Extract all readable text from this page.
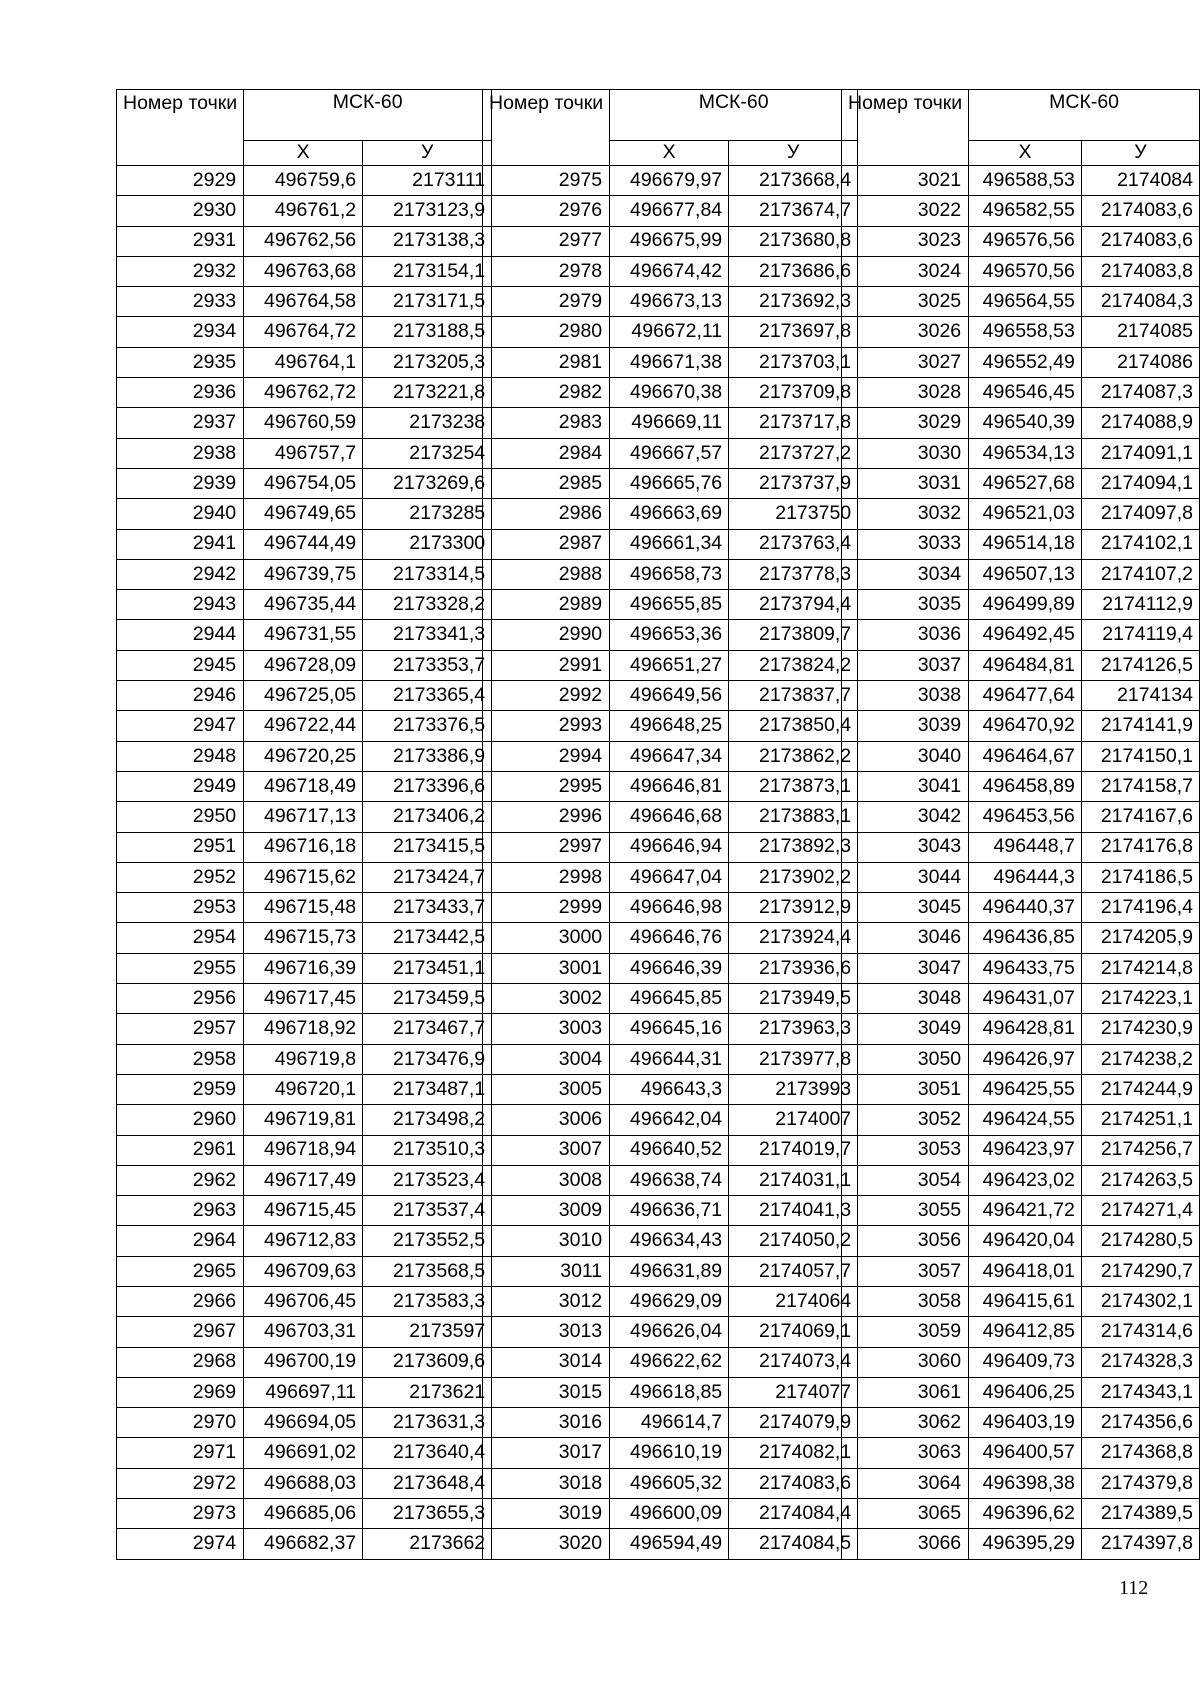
Номер точки	МСК-60	
	Х	У
2929	496759,6	2173111
2930	496761,2	2173123,9
2931	496762,56	2173138,3
2932	496763,68	2173154,1
2933	496764,58	2173171,5
2934	496764,72	2173188,5
2935	496764,1	2173205,3
2936	496762,72	2173221,8
2937	496760,59	2173238
2938	496757,7	2173254
2939	496754,05	2173269,6
2940	496749,65	2173285
2941	496744,49	2173300
2942	496739,75	2173314,5
2943	496735,44	2173328,2
2944	496731,55	2173341,3
2945	496728,09	2173353,7
2946	496725,05	2173365,4
2947	496722,44	2173376,5
2948	496720,25	2173386,9
2949	496718,49	2173396,6
2950	496717,13	2173406,2
2951	496716,18	2173415,5
2952	496715,62	2173424,7
2953	496715,48	2173433,7
2954	496715,73	2173442,5
2955	496716,39	2173451,1
2956	496717,45	2173459,5
2957	496718,92	2173467,7
2958	496719,8	2173476,9
2959	496720,1	2173487,1
2960	496719,81	2173498,2
2961	496718,94	2173510,3
2962	496717,49	2173523,4
2963	496715,45	2173537,4
2964	496712,83	2173552,5
2965	496709,63	2173568,5
2966	496706,45	2173583,3
2967	496703,31	2173597
2968	496700,19	2173609,6
2969	496697,11	2173621
2970	496694,05	2173631,3
2971	496691,02	2173640,4
2972	496688,03	2173648,4
2973	496685,06	2173655,3
2974	496682,37	2173662
Номер точки	МСК-60	
	Х	У
2975	496679,97	2173668,4
2976	496677,84	2173674,7
2977	496675,99	2173680,8
2978	496674,42	2173686,6
2979	496673,13	2173692,3
2980	496672,11	2173697,8
2981	496671,38	2173703,1
2982	496670,38	2173709,8
2983	496669,11	2173717,8
2984	496667,57	2173727,2
2985	496665,76	2173737,9
2986	496663,69	2173750
2987	496661,34	2173763,4
2988	496658,73	2173778,3
2989	496655,85	2173794,4
2990	496653,36	2173809,7
2991	496651,27	2173824,2
2992	496649,56	2173837,7
2993	496648,25	2173850,4
2994	496647,34	2173862,2
2995	496646,81	2173873,1
2996	496646,68	2173883,1
2997	496646,94	2173892,3
2998	496647,04	2173902,2
2999	496646,98	2173912,9
3000	496646,76	2173924,4
3001	496646,39	2173936,6
3002	496645,85	2173949,5
3003	496645,16	2173963,3
3004	496644,31	2173977,8
3005	496643,3	2173993
3006	496642,04	2174007
3007	496640,52	2174019,7
3008	496638,74	2174031,1
3009	496636,71	2174041,3
3010	496634,43	2174050,2
3011	496631,89	2174057,7
3012	496629,09	2174064
3013	496626,04	2174069,1
3014	496622,62	2174073,4
3015	496618,85	2174077
3016	496614,7	2174079,9
3017	496610,19	2174082,1
3018	496605,32	2174083,6
3019	496600,09	2174084,4
3020	496594,49	2174084,5
Номер точки	МСК-60	
	Х	У
3021	496588,53	2174084
3022	496582,55	2174083,6
3023	496576,56	2174083,6
3024	496570,56	2174083,8
3025	496564,55	2174084,3
3026	496558,53	2174085
3027	496552,49	2174086
3028	496546,45	2174087,3
3029	496540,39	2174088,9
3030	496534,13	2174091,1
3031	496527,68	2174094,1
3032	496521,03	2174097,8
3033	496514,18	2174102,1
3034	496507,13	2174107,2
3035	496499,89	2174112,9
3036	496492,45	2174119,4
3037	496484,81	2174126,5
3038	496477,64	2174134
3039	496470,92	2174141,9
3040	496464,67	2174150,1
3041	496458,89	2174158,7
3042	496453,56	2174167,6
3043	496448,7	2174176,8
3044	496444,3	2174186,5
3045	496440,37	2174196,4
3046	496436,85	2174205,9
3047	496433,75	2174214,8
3048	496431,07	2174223,1
3049	496428,81	2174230,9
3050	496426,97	2174238,2
3051	496425,55	2174244,9
3052	496424,55	2174251,1
3053	496423,97	2174256,7
3054	496423,02	2174263,5
3055	496421,72	2174271,4
3056	496420,04	2174280,5
3057	496418,01	2174290,7
3058	496415,61	2174302,1
3059	496412,85	2174314,6
3060	496409,73	2174328,3
3061	496406,25	2174343,1
3062	496403,19	2174356,6
3063	496400,57	2174368,8
3064	496398,38	2174379,8
3065	496396,62	2174389,5
3066	496395,29	2174397,8
112
